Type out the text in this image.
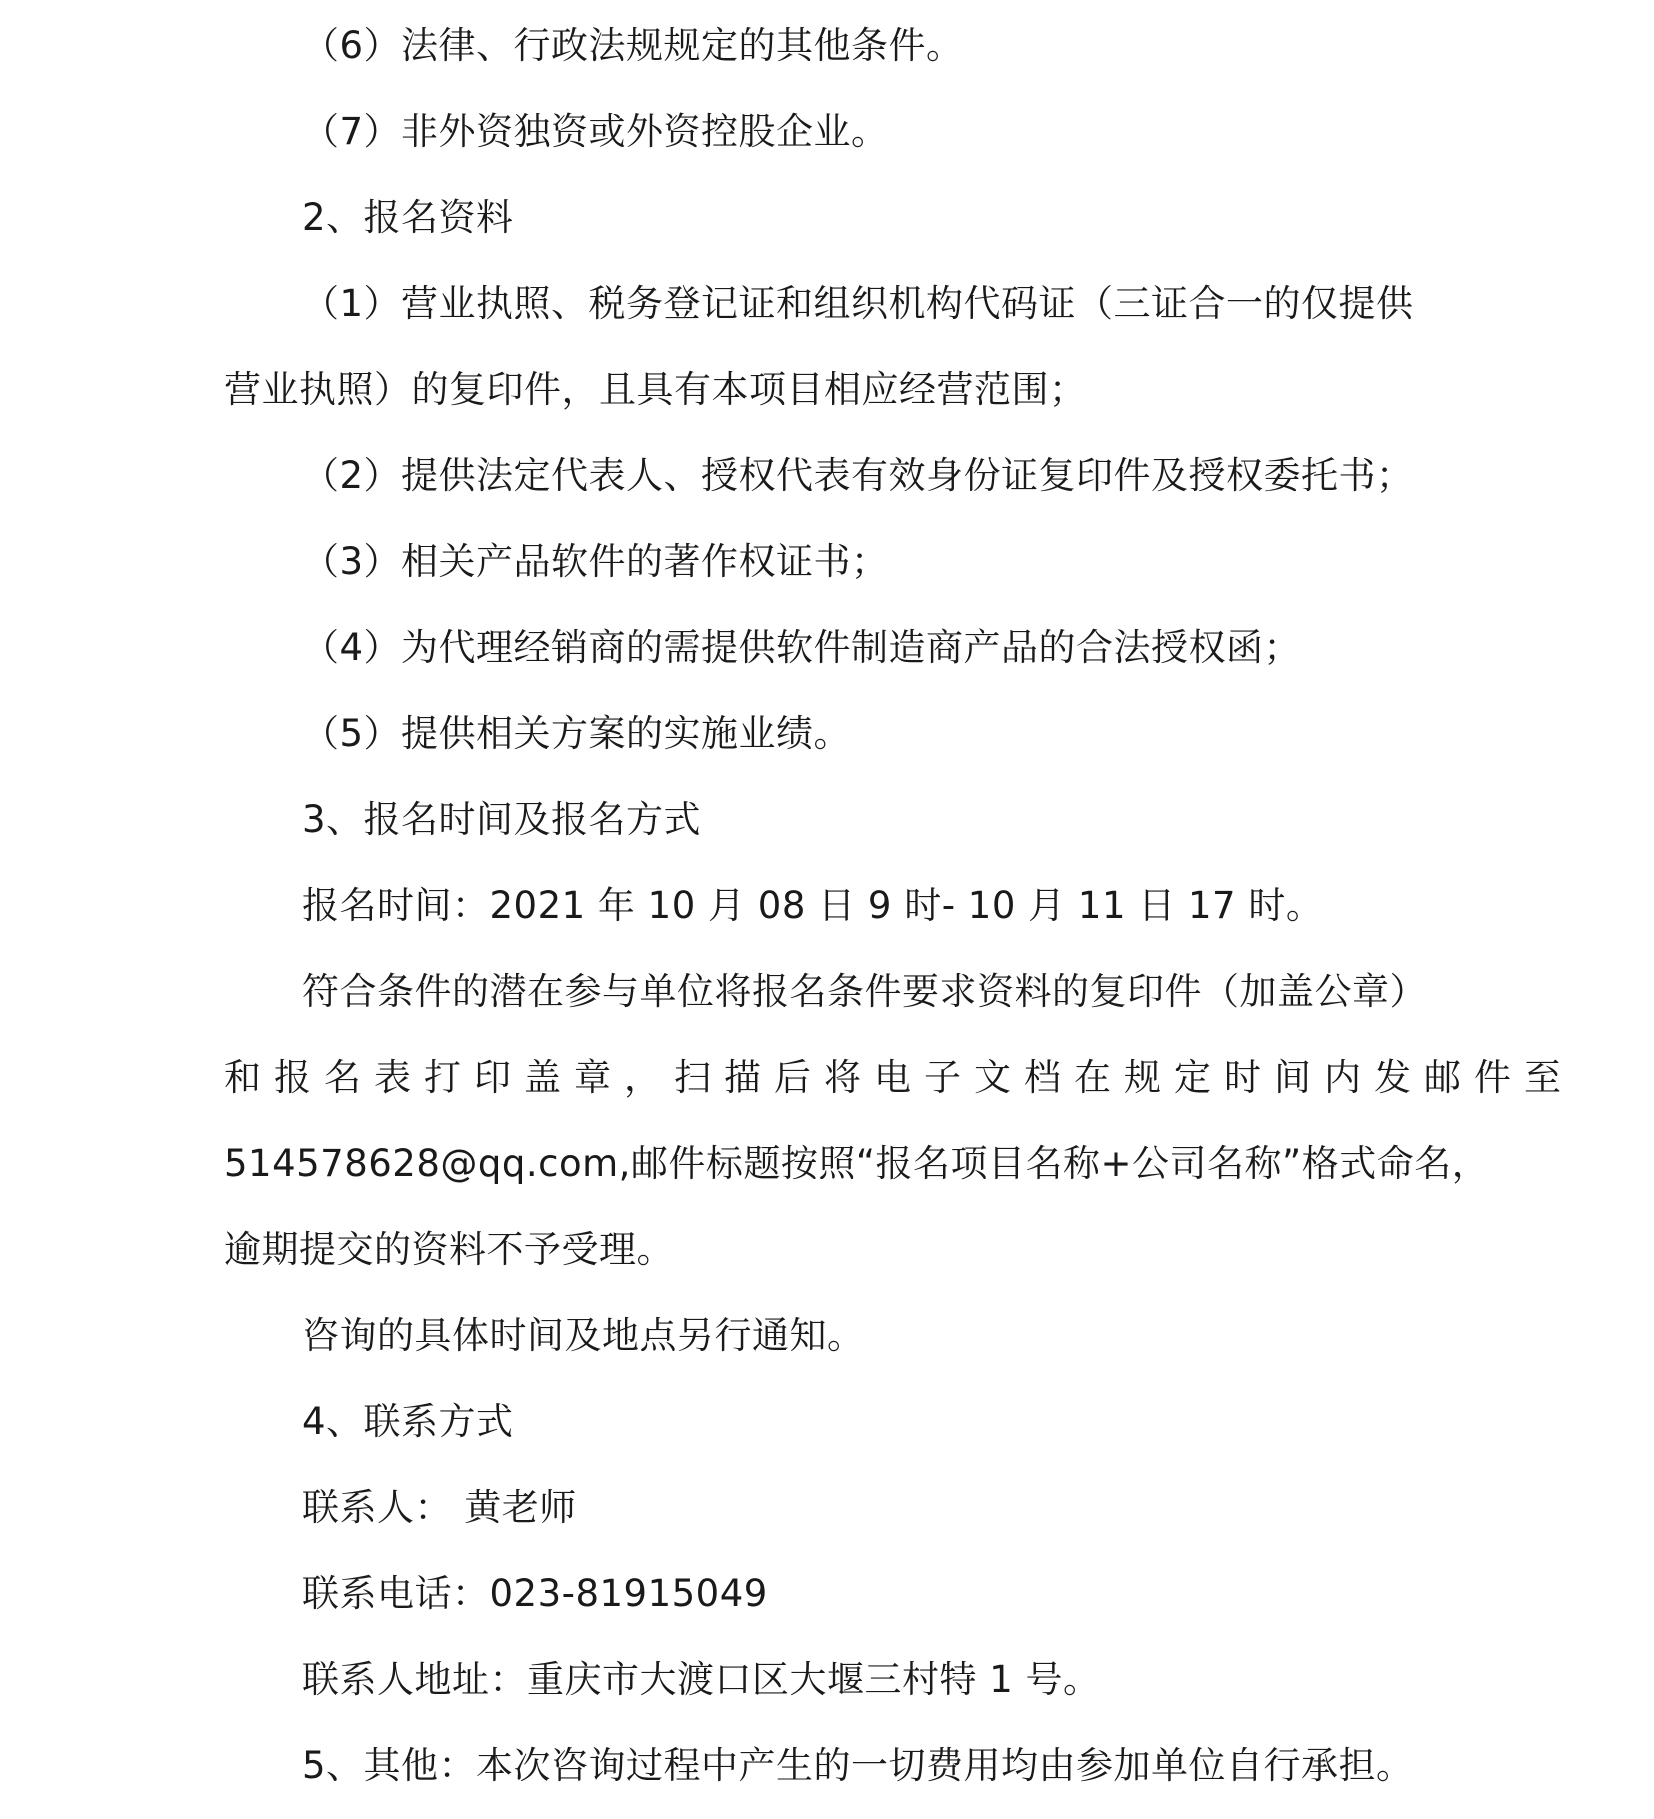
（6）法律、行政法规规定的其他条件。
（7）非外资独资或外资控股企业。
2、报名资料
（1）营业执照、税务登记证和组织机构代码证（三证合一的仅提供
营业执照）的复印件，且具有本项目相应经营范围；
（2）提供法定代表人、授权代表有效身份证复印件及授权委托书；
（3）相关产品软件的著作权证书；
（4）为代理经销商的需提供软件制造商产品的合法授权函；
（5）提供相关方案的实施业绩。
3、报名时间及报名方式
报名时间：2021 年 10 月 08 日 9 时- 10 月 11 日 17 时。
符合条件的潜在参与单位将报名条件要求资料的复印件（加盖公章）
和报名表打印盖章，扫描后将电子文档在规定时间内发邮件至
514578628@qq.com,邮件标题按照“报名项目名称+公司名称”格式命名，
逾期提交的资料不予受理。
咨询的具体时间及地点另行通知。
4、联系方式
联系人： 黄老师
联系电话：023-81915049
联系人地址：重庆市大渡口区大堰三村特 1 号。
5、其他：本次咨询过程中产生的一切费用均由参加单位自行承担。
